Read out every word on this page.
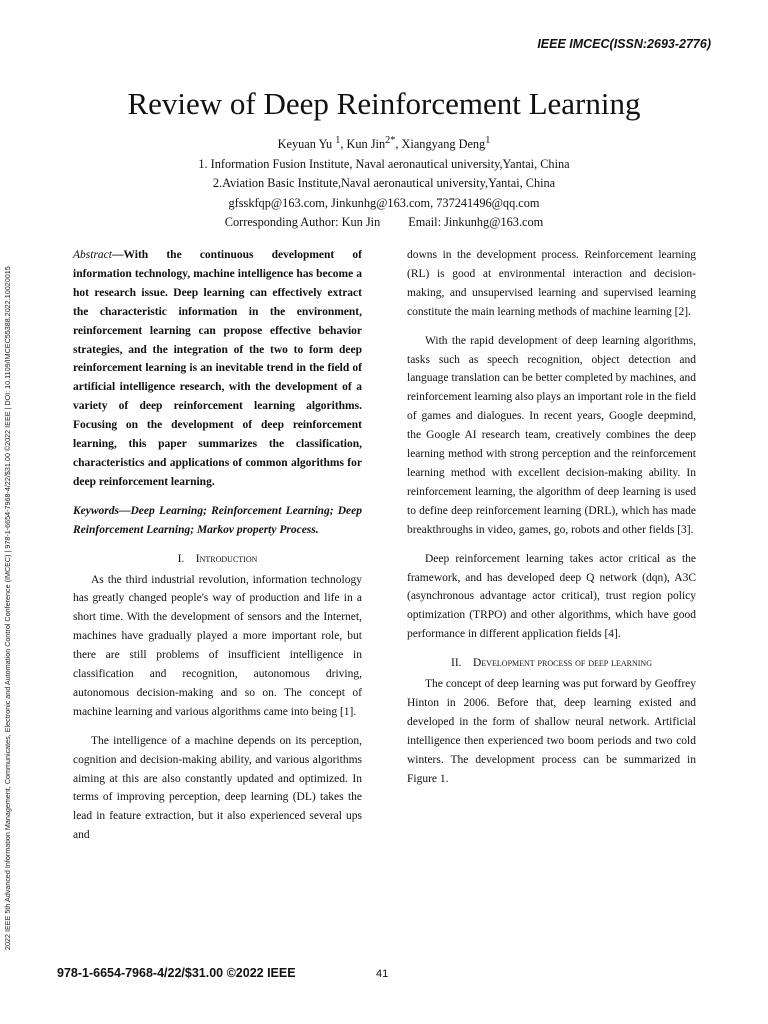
IEEE IMCEC(ISSN:2693-2776)
2022 IEEE 5th Advanced Information Management, Communicates, Electronic and Automation Control Conference (IMCEC) | 978-1-6654-7968-4/22/$31.00 ©2022 IEEE | DOI: 10.1109/IMCEC55388.2022.10020015
Review of Deep Reinforcement Learning
Keyuan Yu $^1$, Kun Jin$^{2*}$, Xiangyang Deng$^1$
1. Information Fusion Institute, Naval aeronautical university,Yantai, China
2.Aviation Basic Institute,Naval aeronautical university,Yantai, China
gfsskfqp@163.com, Jinkunhg@163.com, 737241496@qq.com
Corresponding Author: Kun Jin Email: Jinkunhg@163.com

Abstract—With the continuous development of information technology, machine intelligence has become a hot research issue. Deep learning can effectively extract the characteristic information in the environment, reinforcement learning can propose effective behavior strategies, and the integration of the two to form deep reinforcement learning is an inevitable trend in the field of artificial intelligence research, with the development of a variety of deep reinforcement learning algorithms. Focusing on the development of deep reinforcement learning, this paper summarizes the classification, characteristics and applications of common algorithms for deep reinforcement learning.

Keywords—Deep Learning; Reinforcement Learning; Deep Reinforcement Learning; Markov property Process.

I. Introduction

As the third industrial revolution, information technology has greatly changed people's way of production and life in a short time. With the development of sensors and the Internet, machines have gradually played a more important role, but there are still problems of insufficient intelligence in classification and recognition, autonomous driving, autonomous decision-making and so on. The concept of machine learning and various algorithms came into being [1].

The intelligence of a machine depends on its perception, cognition and decision-making ability, and various algorithms aiming at this are also constantly updated and optimized. In terms of improving perception, deep learning (DL) takes the lead in feature extraction, but it also experienced several ups and

downs in the development process. Reinforcement learning (RL) is good at environmental interaction and decision-making, and unsupervised learning and supervised learning constitute the main learning methods of machine learning [2].

With the rapid development of deep learning algorithms, tasks such as speech recognition, object detection and language translation can be better completed by machines, and reinforcement learning also plays an important role in the field of games and dialogues. In recent years, Google deepmind, the Google AI research team, creatively combines the deep learning method with strong perception and the reinforcement learning method with excellent decision-making ability. In reinforcement learning, the algorithm of deep learning is used to define deep reinforcement learning (DRL), which has made breakthroughs in video, games, go, robots and other fields [3].

Deep reinforcement learning takes actor critical as the framework, and has developed deep Q network (dqn), A3C (asynchronous advantage actor critical), trust region policy optimization (TRPO) and other algorithms, which have good performance in different application fields [4].

II. Development process of deep learning

The concept of deep learning was put forward by Geoffrey Hinton in 2006. Before that, deep learning existed and developed in the form of shallow neural network. Artificial intelligence then experienced two boom periods and two cold winters. The development process can be summarized in Figure 1.

978-1-6654-7968-4/22/$31.00 ©2022 IEEE	41
